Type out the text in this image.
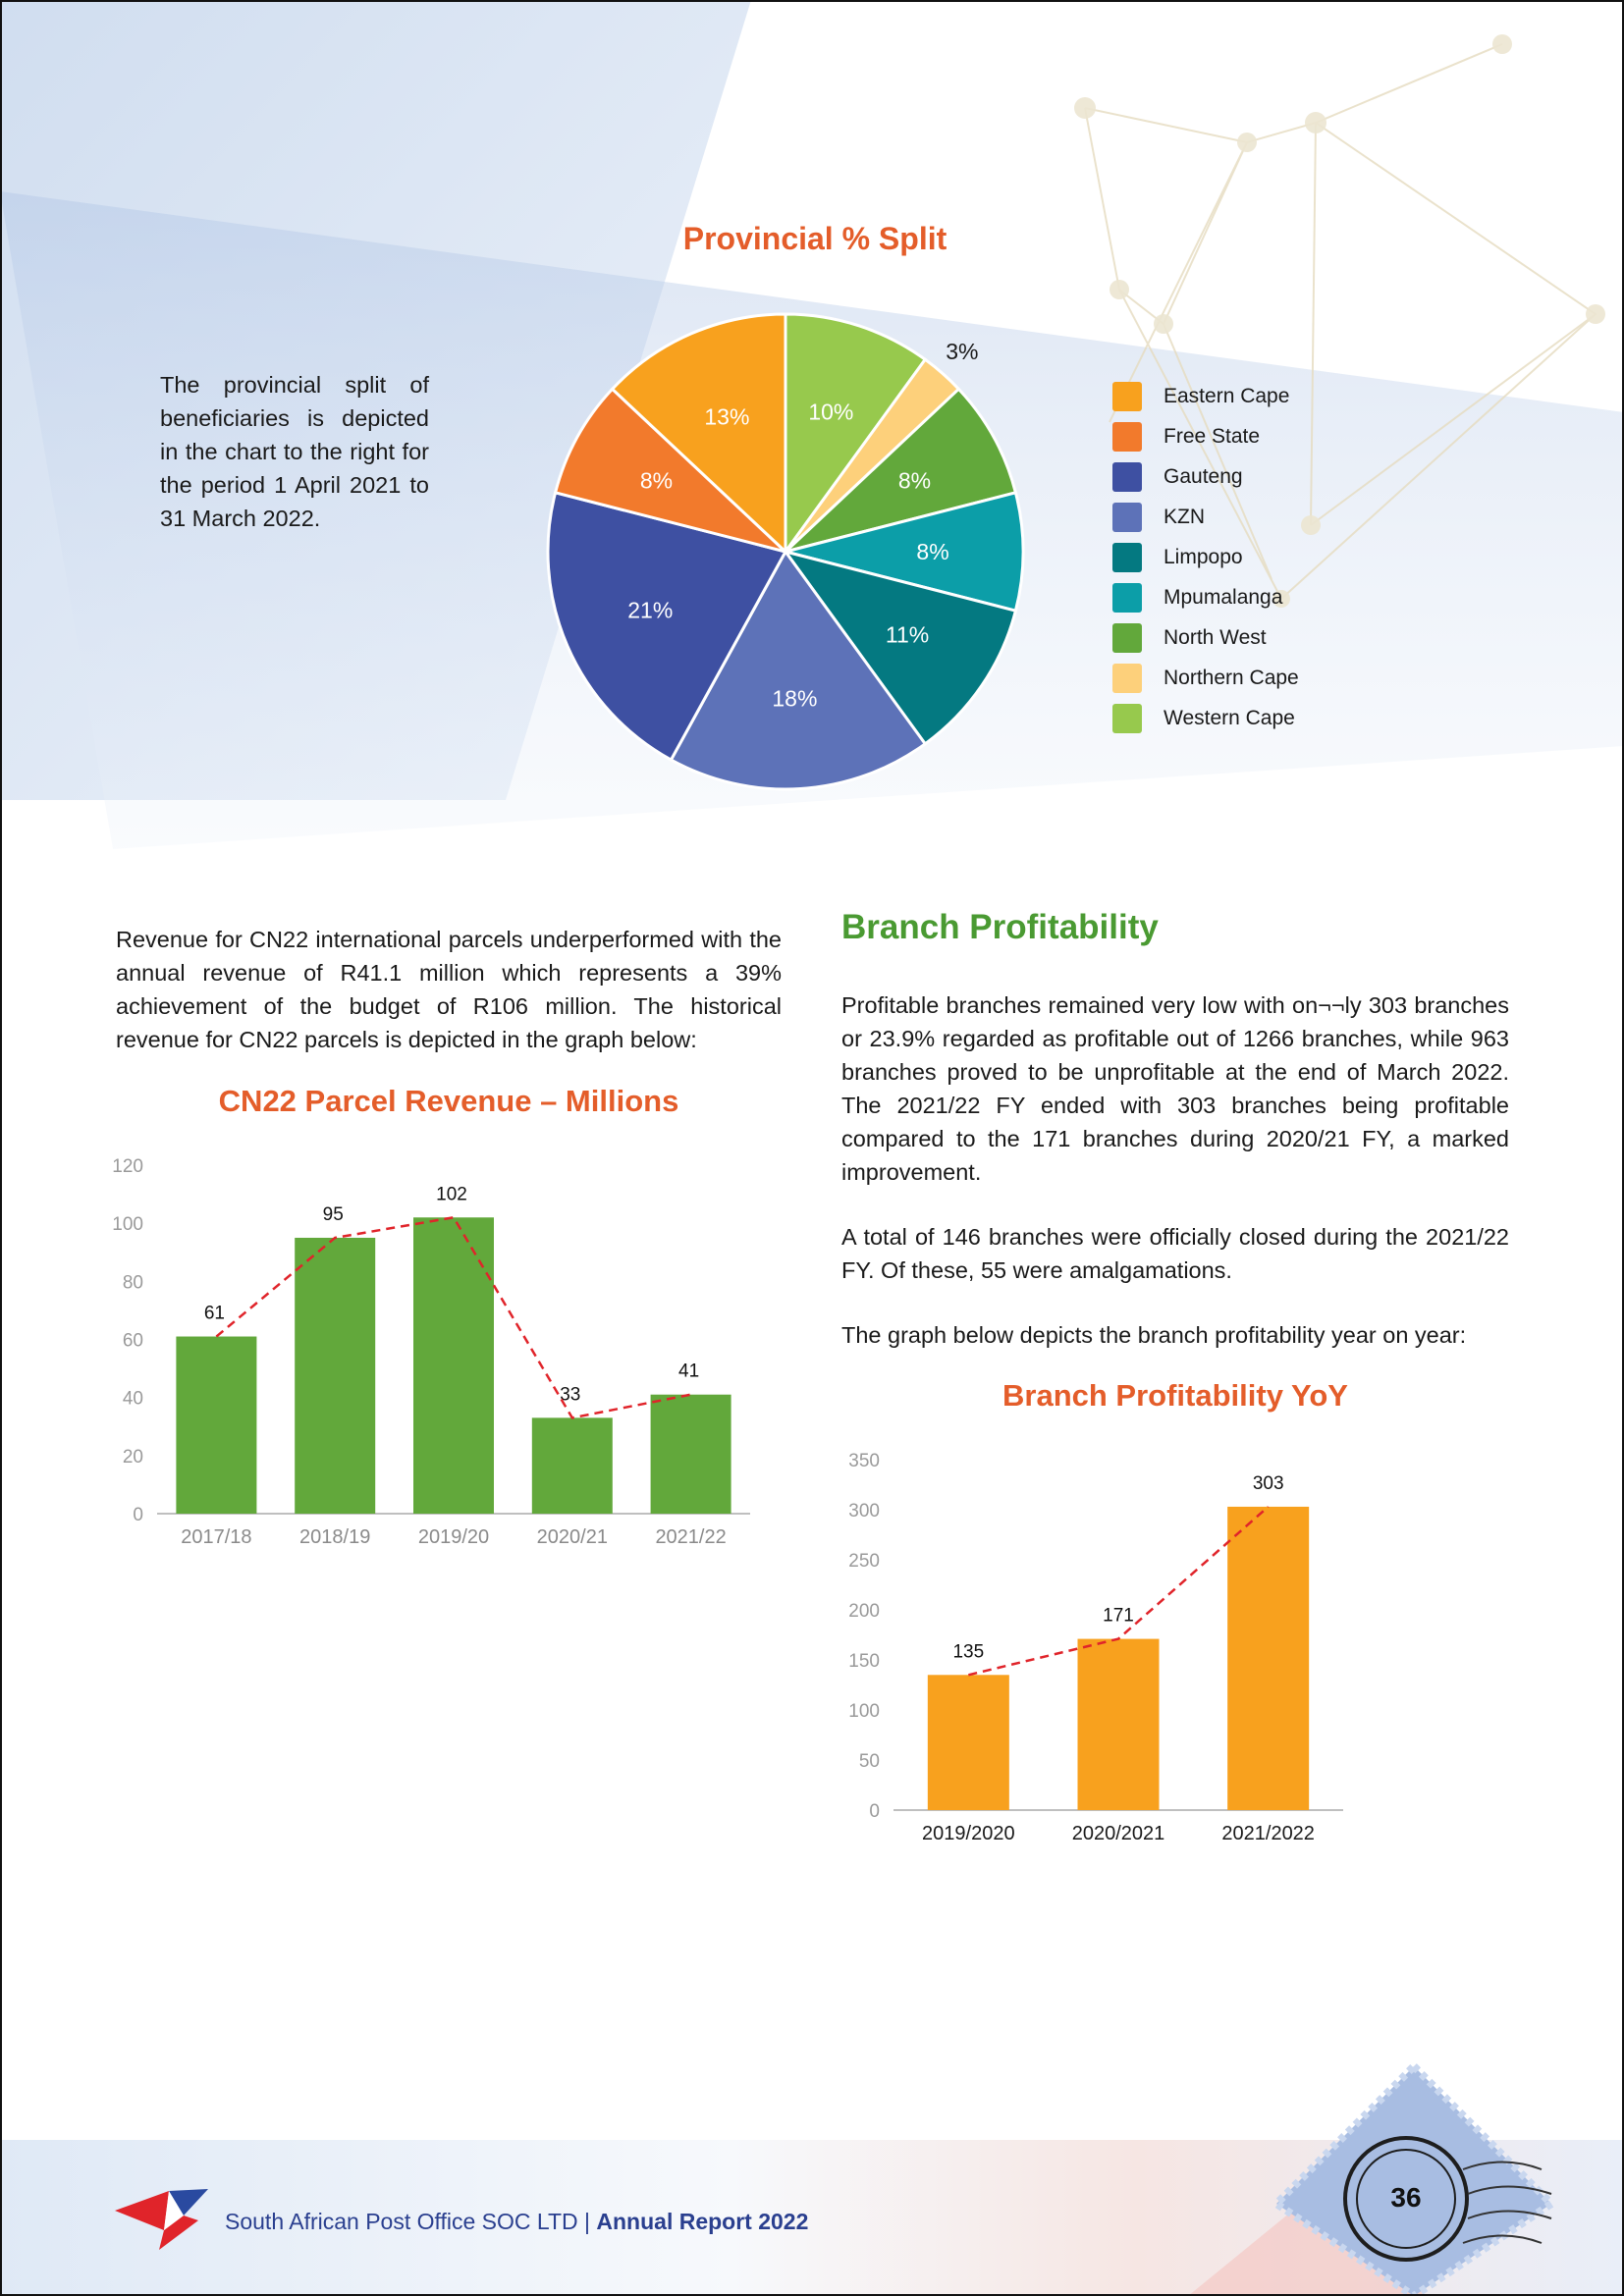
The provincial split of beneficiaries is depicted in the chart to the right for the period 1 April 2021 to 31 March 2022.

Provincial % Split
10%
3%
8%
8%
11%
18%
21%
8%
13%
Eastern Cape
Free State
Gauteng
KZN
Limpopo
Mpumalanga
North West
Northern Cape
Western Cape

Revenue for CN22 international parcels underperformed with the annual revenue of R41.1 million which represents a 39% achievement of the budget of R106 million. The historical revenue for CN22 parcels is depicted in the graph below:

CN22 Parcel Revenue – Millions
0
20
40
60
80
100
120
2017/18
61
2018/19
95
2019/20
102
2020/21
33
2021/22
41
Branch Profitability

Profitable branches remained very low with on¬¬ly 303 branches or 23.9% regarded as profitable out of 1266 branches, while 963 branches proved to be unprofitable at the end of March 2022. The 2021/22 FY ended with 303 branches being profitable compared to the 171 branches during 2020/21 FY, a marked improvement.

A total of 146 branches were officially closed during the 2021/22 FY. Of these, 55 were amalgamations.

The graph below depicts the branch profitability year on year:

Branch Profitability YoY
0
50
100
150
200
250
300
350
2019/2020
135
2020/2021
171
2021/2022
303
South African Post Office SOC LTD | Annual Report 2022
36
